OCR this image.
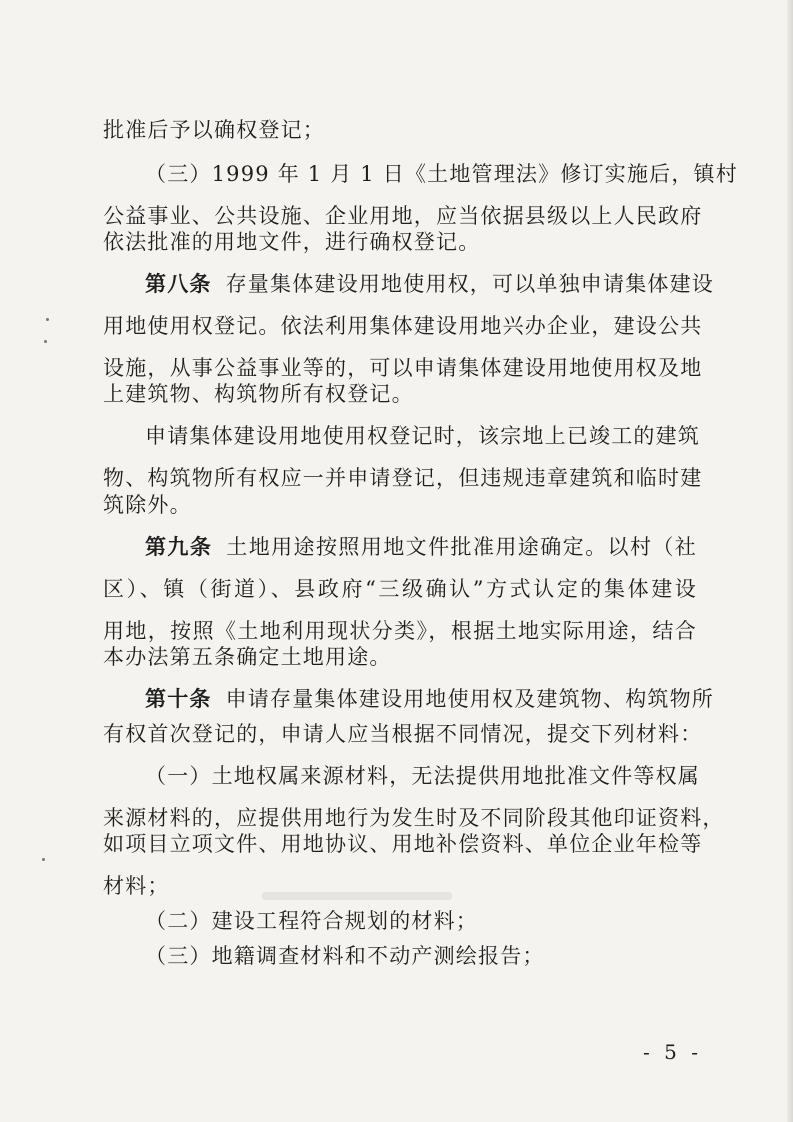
批准后予以确权登记；
（三）1999 年 1 月 1 日《土地管理法》修订实施后，镇村
公益事业、公共设施、企业用地，应当依据县级以上人民政府
依法批准的用地文件，进行确权登记。
第八条 存量集体建设用地使用权，可以单独申请集体建设
用地使用权登记。依法利用集体建设用地兴办企业，建设公共
设施，从事公益事业等的，可以申请集体建设用地使用权及地
上建筑物、构筑物所有权登记。
申请集体建设用地使用权登记时，该宗地上已竣工的建筑
物、构筑物所有权应一并申请登记，但违规违章建筑和临时建
筑除外。
第九条 土地用途按照用地文件批准用途确定。以村（社
区）、镇（街道）、县政府“三级确认”方式认定的集体建设
用地，按照《土地利用现状分类》，根据土地实际用途，结合
本办法第五条确定土地用途。
第十条 申请存量集体建设用地使用权及建筑物、构筑物所
有权首次登记的，申请人应当根据不同情况，提交下列材料：
（一）土地权属来源材料，无法提供用地批准文件等权属
来源材料的，应提供用地行为发生时及不同阶段其他印证资料，
如项目立项文件、用地协议、用地补偿资料、单位企业年检等
材料；
（二）建设工程符合规划的材料；
（三）地籍调查材料和不动产测绘报告；
- 5 -
